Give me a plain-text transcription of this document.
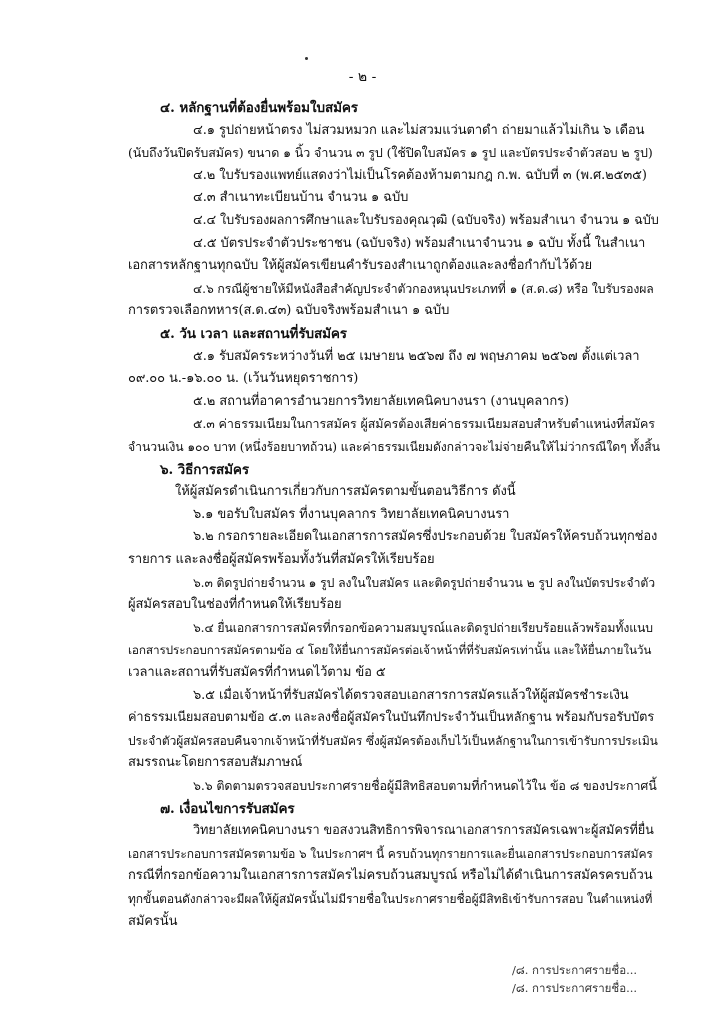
- ๒ -
๔. หลักฐานที่ต้องยื่นพร้อมใบสมัคร
๔.๑ รูปถ่ายหน้าตรง ไม่สวมหมวก และไม่สวมแว่นตาดำ ถ่ายมาแล้วไม่เกิน ๖ เดือน
(นับถึงวันปิดรับสมัคร) ขนาด ๑ นิ้ว จำนวน ๓ รูป (ใช้ปิดใบสมัคร ๑ รูป และบัตรประจำตัวสอบ ๒ รูป)
๔.๒ ใบรับรองแพทย์แสดงว่าไม่เป็นโรคต้องห้ามตามกฎ ก.พ. ฉบับที่ ๓ (พ.ศ.๒๕๓๕)
๔.๓ สำเนาทะเบียนบ้าน จำนวน ๑ ฉบับ
๔.๔ ใบรับรองผลการศึกษาและใบรับรองคุณวุฒิ (ฉบับจริง) พร้อมสำเนา จำนวน ๑ ฉบับ
๔.๕ บัตรประจำตัวประชาชน (ฉบับจริง) พร้อมสำเนาจำนวน ๑ ฉบับ ทั้งนี้ ในสำเนา
เอกสารหลักฐานทุกฉบับ ให้ผู้สมัครเขียนคำรับรองสำเนาถูกต้องและลงชื่อกำกับไว้ด้วย
๔.๖ กรณีผู้ชายให้มีหนังสือสำคัญประจำตัวกองหนุนประเภทที่ ๑ (ส.ด.๘) หรือ ใบรับรองผล
การตรวจเลือกทหาร(ส.ด.๔๓) ฉบับจริงพร้อมสำเนา ๑ ฉบับ
๕. วัน เวลา และสถานที่รับสมัคร
๕.๑ รับสมัครระหว่างวันที่ ๒๕ เมษายน ๒๕๖๗ ถึง ๗ พฤษภาคม ๒๕๖๗ ตั้งแต่เวลา
๐๙.๐๐ น.-๑๖.๐๐ น. (เว้นวันหยุดราชการ)
๕.๒ สถานที่อาคารอำนวยการวิทยาลัยเทคนิคบางนรา (งานบุคลากร)
๕.๓ ค่าธรรมเนียมในการสมัคร ผู้สมัครต้องเสียค่าธรรมเนียมสอบสำหรับตำแหน่งที่สมัคร
จำนวนเงิน ๑๐๐ บาท (หนึ่งร้อยบาทถ้วน) และค่าธรรมเนียมดังกล่าวจะไม่จ่ายคืนให้ไม่ว่ากรณีใดๆ ทั้งสิ้น
๖. วิธีการสมัคร
ให้ผู้สมัครดำเนินการเกี่ยวกับการสมัครตามขั้นตอนวิธีการ ดังนี้
๖.๑ ขอรับใบสมัคร ที่งานบุคลากร วิทยาลัยเทคนิคบางนรา
๖.๒ กรอกรายละเอียดในเอกสารการสมัครซึ่งประกอบด้วย ใบสมัครให้ครบถ้วนทุกช่อง
รายการ และลงชื่อผู้สมัครพร้อมทั้งวันที่สมัครให้เรียบร้อย
๖.๓ ติดรูปถ่ายจำนวน ๑ รูป ลงในใบสมัคร และติดรูปถ่ายจำนวน ๒ รูป ลงในบัตรประจำตัว
ผู้สมัครสอบในช่องที่กำหนดให้เรียบร้อย
๖.๔ ยื่นเอกสารการสมัครที่กรอกข้อความสมบูรณ์และติดรูปถ่ายเรียบร้อยแล้วพร้อมทั้งแนบ
เอกสารประกอบการสมัครตามข้อ ๔ โดยให้ยื่นการสมัครต่อเจ้าหน้าที่ที่รับสมัครเท่านั้น และให้ยื่นภายในวัน
เวลาและสถานที่รับสมัครที่กำหนดไว้ตาม ข้อ ๕
๖.๕ เมื่อเจ้าหน้าที่รับสมัครได้ตรวจสอบเอกสารการสมัครแล้วให้ผู้สมัครชำระเงิน
ค่าธรรมเนียมสอบตามข้อ ๕.๓ และลงชื่อผู้สมัครในบันทึกประจำวันเป็นหลักฐาน พร้อมกับรอรับบัตร
ประจำตัวผู้สมัครสอบคืนจากเจ้าหน้าที่รับสมัคร ซึ่งผู้สมัครต้องเก็บไว้เป็นหลักฐานในการเข้ารับการประเมิน
สมรรถนะโดยการสอบสัมภาษณ์
๖.๖ ติดตามตรวจสอบประกาศรายชื่อผู้มีสิทธิสอบตามที่กำหนดไว้ใน ข้อ ๘ ของประกาศนี้
๗. เงื่อนไขการรับสมัคร
วิทยาลัยเทคนิคบางนรา ขอสงวนสิทธิการพิจารณาเอกสารการสมัครเฉพาะผู้สมัครที่ยื่น
เอกสารประกอบการสมัครตามข้อ ๖ ในประกาศฯ นี้ ครบถ้วนทุกรายการและยื่นเอกสารประกอบการสมัคร
กรณีที่กรอกข้อความในเอกสารการสมัครไม่ครบถ้วนสมบูรณ์ หรือไม่ได้ดำเนินการสมัครครบถ้วน
ทุกขั้นตอนดังกล่าวจะมีผลให้ผู้สมัครนั้นไม่มีรายชื่อในประกาศรายชื่อผู้มีสิทธิเข้ารับการสอบ ในตำแหน่งที่
สมัครนั้น
/๘. การประกาศรายชื่อ...
/๘. การประกาศรายชื่อ...
